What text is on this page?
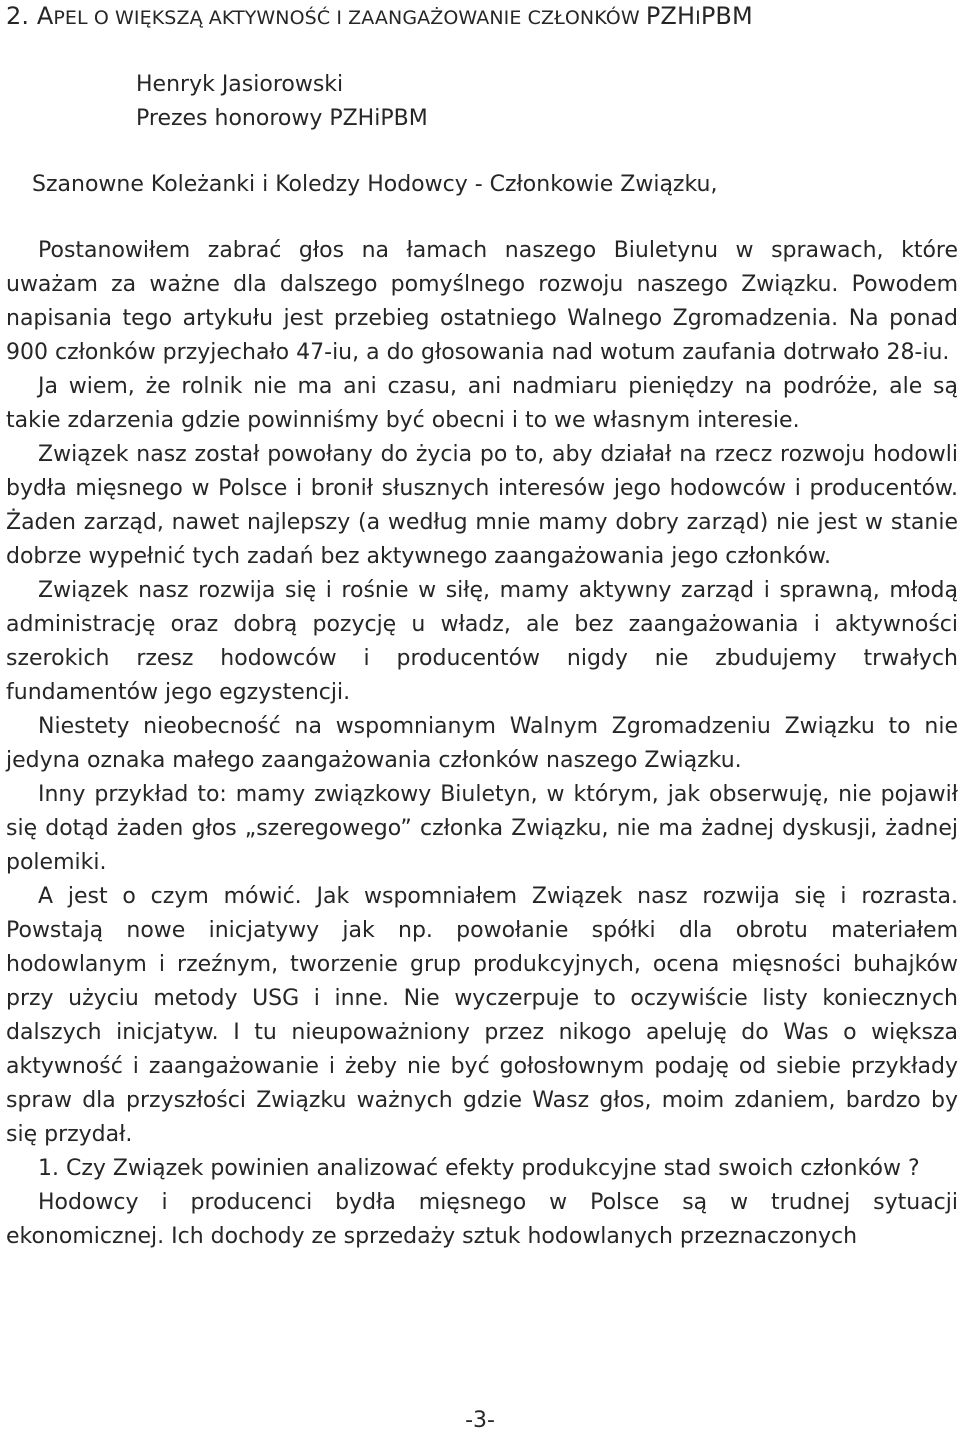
2. APEL O WIĘKSZĄ AKTYWNOŚĆ I ZAANGAŻOWANIE CZŁONKÓW PZHIPBM
Henryk Jasiorowski
Prezes honorowy PZHiPBM
Szanowne Koleżanki i Koledzy Hodowcy - Członkowie Związku,

Postanowiłem zabrać głos na łamach naszego Biuletynu w sprawach, które uważam za ważne dla dalszego pomyślnego rozwoju naszego Związku. Powodem napisania tego artykułu jest przebieg ostatniego Walnego Zgromadzenia. Na ponad 900 członków przyjechało 47-iu, a do głosowania nad wotum zaufania dotrwało 28-iu.

Ja wiem, że rolnik nie ma ani czasu, ani nadmiaru pieniędzy na podróże, ale są takie zdarzenia gdzie powinniśmy być obecni i to we własnym interesie.

Związek nasz został powołany do życia po to, aby działał na rzecz rozwoju hodowli bydła mięsnego w Polsce i bronił słusznych interesów jego hodowców i producentów. Żaden zarząd, nawet najlepszy (a według mnie mamy dobry zarząd) nie jest w stanie dobrze wypełnić tych zadań bez aktywnego zaangażowania jego członków.

Związek nasz rozwija się i rośnie w siłę, mamy aktywny zarząd i sprawną, młodą administrację oraz dobrą pozycję u władz, ale bez zaangażowania i aktywności szerokich rzesz hodowców i producentów nigdy nie zbudujemy trwałych fundamentów jego egzystencji.

Niestety nieobecność na wspomnianym Walnym Zgromadzeniu Związku to nie jedyna oznaka małego zaangażowania członków naszego Związku.

Inny przykład to: mamy związkowy Biuletyn, w którym, jak obserwuję, nie pojawił się dotąd żaden głos „szeregowego” członka Związku, nie ma żadnej dyskusji, żadnej polemiki.

A jest o czym mówić. Jak wspomniałem Związek nasz rozwija się i rozrasta. Powstają nowe inicjatywy jak np. powołanie spółki dla obrotu materiałem hodowlanym i rzeźnym, tworzenie grup produkcyjnych, ocena mięsności buhajków przy użyciu metody USG i inne. Nie wyczerpuje to oczywiście listy koniecznych dalszych inicjatyw. I tu nieupoważniony przez nikogo apeluję do Was o większa aktywność i zaangażowanie i żeby nie być gołosłownym podaję od siebie przykłady spraw dla przyszłości Związku ważnych gdzie Wasz głos, moim zdaniem, bardzo by się przydał.

1. Czy Związek powinien analizować efekty produkcyjne stad swoich członków ?

Hodowcy i producenci bydła mięsnego w Polsce są w trudnej sytuacji ekonomicznej. Ich dochody ze sprzedaży sztuk hodowlanych przeznaczonych

-3-
